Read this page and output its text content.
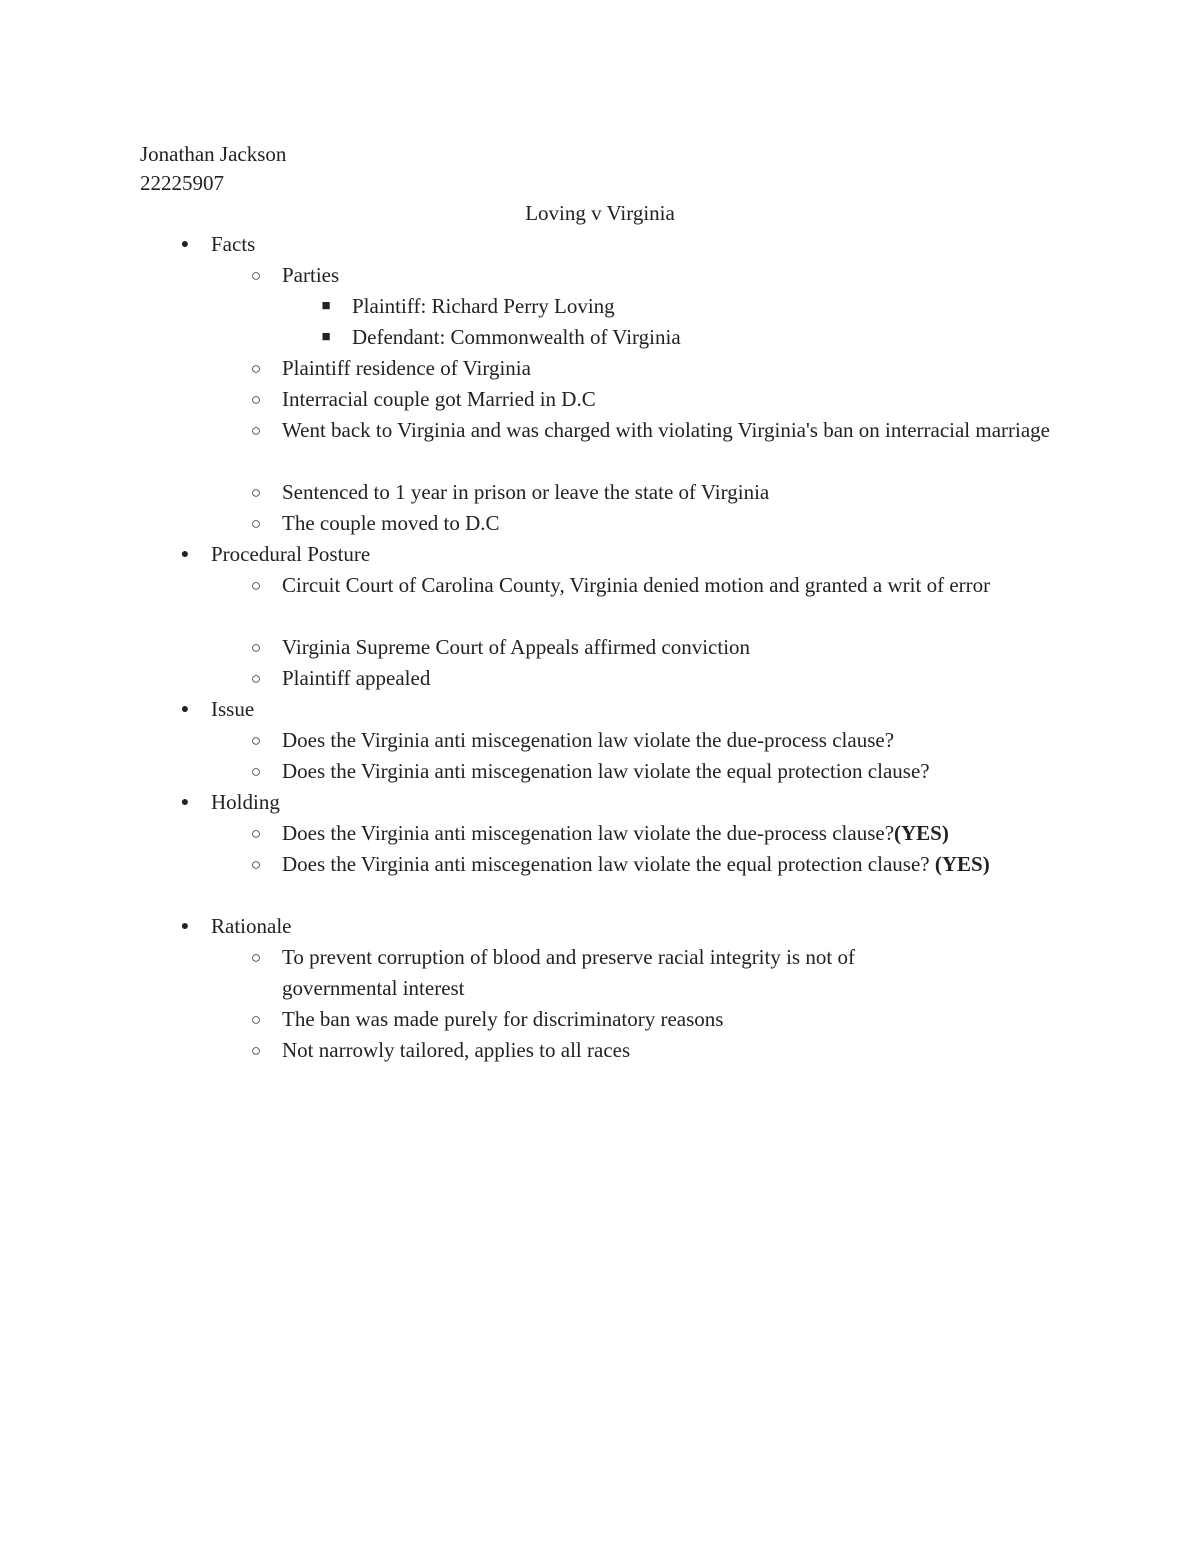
Jonathan Jackson
22225907
Loving v Virginia
● Facts
○ Parties
■ Plaintiff: Richard Perry Loving
■ Defendant: Commonwealth of Virginia
○ Plaintiff residence of Virginia
○ Interracial couple got Married in D.C
○ Went back to Virginia and was charged with violating Virginia's ban on interracial marriage
○ Sentenced to 1 year in prison or leave the state of Virginia
○ The couple moved to D.C
● Procedural Posture
○ Circuit Court of Carolina County, Virginia denied motion and granted a writ of error
○ Virginia Supreme Court of Appeals affirmed conviction
○ Plaintiff appealed
● Issue
○ Does the Virginia anti miscegenation law violate the due-process clause?
○ Does the Virginia anti miscegenation law violate the equal protection clause?
● Holding
○ Does the Virginia anti miscegenation law violate the due-process clause?(YES)
○ Does the Virginia anti miscegenation law violate the equal protection clause? (YES)
● Rationale
○ To prevent corruption of blood and preserve racial integrity is not of governmental interest
○ The ban was made purely for discriminatory reasons
○ Not narrowly tailored, applies to all races
